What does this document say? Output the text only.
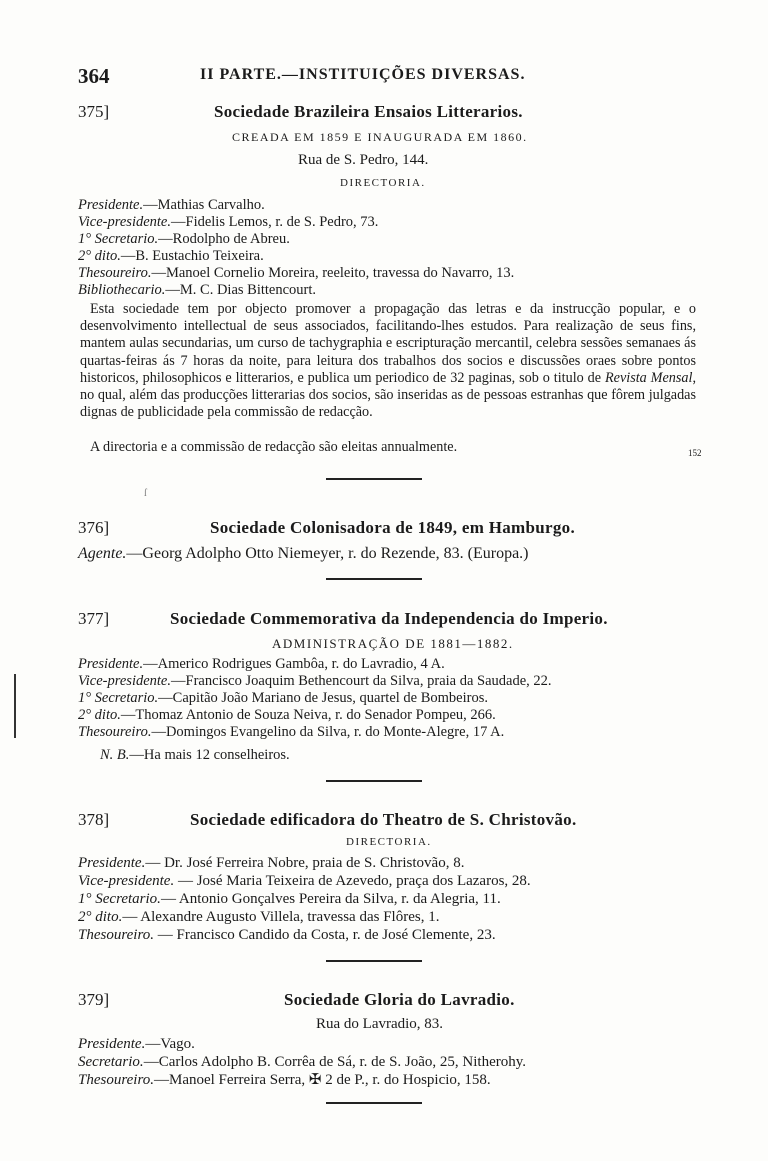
364	II PARTE.—INSTITUIÇÕES DIVERSAS.
375]	Sociedade Brazileira Ensaios Litterarios.
CREADA EM 1859 E INAUGURADA EM 1860.
Rua de S. Pedro, 144.
DIRECTORIA.
Presidente.—Mathias Carvalho.
Vice-presidente.—Fidelis Lemos, r. de S. Pedro, 73.
1° Secretario.—Rodolpho de Abreu.
2° dito.—B. Eustachio Teixeira.
Thesoureiro.—Manoel Cornelio Moreira, reeleito, travessa do Navarro, 13.
Bibliothecario.—M. C. Dias Bittencourt.
Esta sociedade tem por objecto promover a propagação das letras e da instrucção popular, e o desenvolvimento intellectual de seus associados, facilitando-lhes estudos. Para realização de seus fins, mantem aulas secundarias, um curso de tachygraphia e escripturação mercantil, celebra sessões semanaes ás quartas-feiras ás 7 horas da noite, para leitura dos trabalhos dos socios e discussões oraes sobre pontos historicos, philosophicos e litterarios, e publica um periodico de 32 paginas, sob o titulo de Revista Mensal, no qual, além das producções litterarias dos socios, são inseridas as de pessoas estranhas que fôrem julgadas dignas de publicidade pela commissão de redacção.
A directoria e a commissão de redacção são eleitas annualmente.	152
ſ
376]	Sociedade Colonisadora de 1849, em Hamburgo.
Agente.—Georg Adolpho Otto Niemeyer, r. do Rezende, 83. (Europa.)
377]	Sociedade Commemorativa da Independencia do Imperio.
ADMINISTRAÇÃO DE 1881—1882.
Presidente.—Americo Rodrigues Gambôa, r. do Lavradio, 4 A.
Vice-presidente.—Francisco Joaquim Bethencourt da Silva, praia da Saudade, 22.
1° Secretario.—Capitão João Mariano de Jesus, quartel de Bombeiros.
2° dito.—Thomaz Antonio de Souza Neiva, r. do Senador Pompeu, 266.
Thesoureiro.—Domingos Evangelino da Silva, r. do Monte-Alegre, 17 A.
N. B.—Ha mais 12 conselheiros.
378]	Sociedade edificadora do Theatro de S. Christovão.
DIRECTORIA.
Presidente.— Dr. José Ferreira Nobre, praia de S. Christovão, 8.
Vice-presidente. — José Maria Teixeira de Azevedo, praça dos Lazaros, 28.
1° Secretario.— Antonio Gonçalves Pereira da Silva, r. da Alegria, 11.
2° dito.— Alexandre Augusto Villela, travessa das Flôres, 1.
Thesoureiro. — Francisco Candido da Costa, r. de José Clemente, 23.
379]	Sociedade Gloria do Lavradio.
Rua do Lavradio, 83.
Presidente.—Vago.
Secretario.—Carlos Adolpho B. Corrêa de Sá, r. de S. João, 25, Nitherohy.
Thesoureiro.—Manoel Ferreira Serra, ✠ 2 de P., r. do Hospicio, 158.
